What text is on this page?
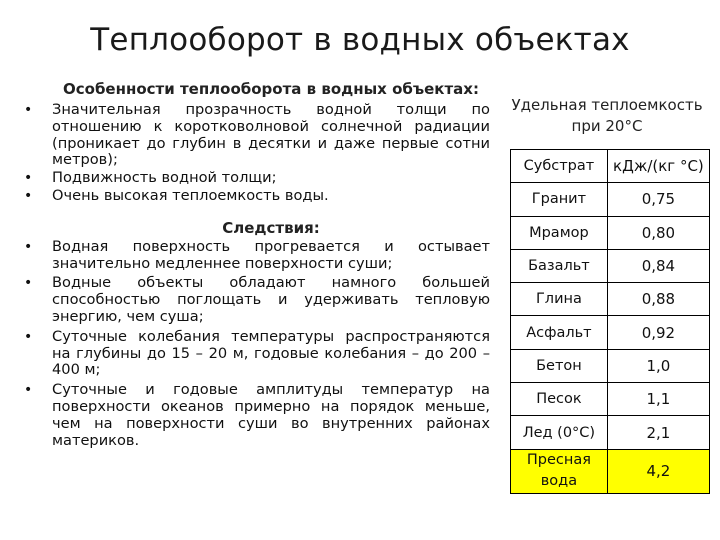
Теплооборот в водных объектах
Особенности теплооборота в водных объектах:
• Значительная прозрачность водной толщи по отношению к коротковолновой солнечной радиации (проникает до глубин в десятки и даже первые сотни метров);
• Подвижность водной толщи;
• Очень высокая теплоемкость воды.
Следствия:
• Водная поверхность прогревается и остывает значительно медленнее поверхности суши;
• Водные объекты обладают намного большей способностью поглощать и удерживать тепловую энергию, чем суша;
• Суточные колебания температуры распространяются на глубины до 15 – 20 м, годовые колебания – до 200 – 400 м;
• Суточные и годовые амплитуды температур на поверхности океанов примерно на порядок меньше, чем на поверхности суши во внутренних районах материков.
Удельная теплоемкость
при 20°С
Субстрат	кДж/(кг °С)
Гранит	0,75
Мрамор	0,80
Базальт	0,84
Глина	0,88
Асфальт	0,92
Бетон	1,0
Песок	1,1
Лед (0°С)	2,1
Пресная вода	4,2
